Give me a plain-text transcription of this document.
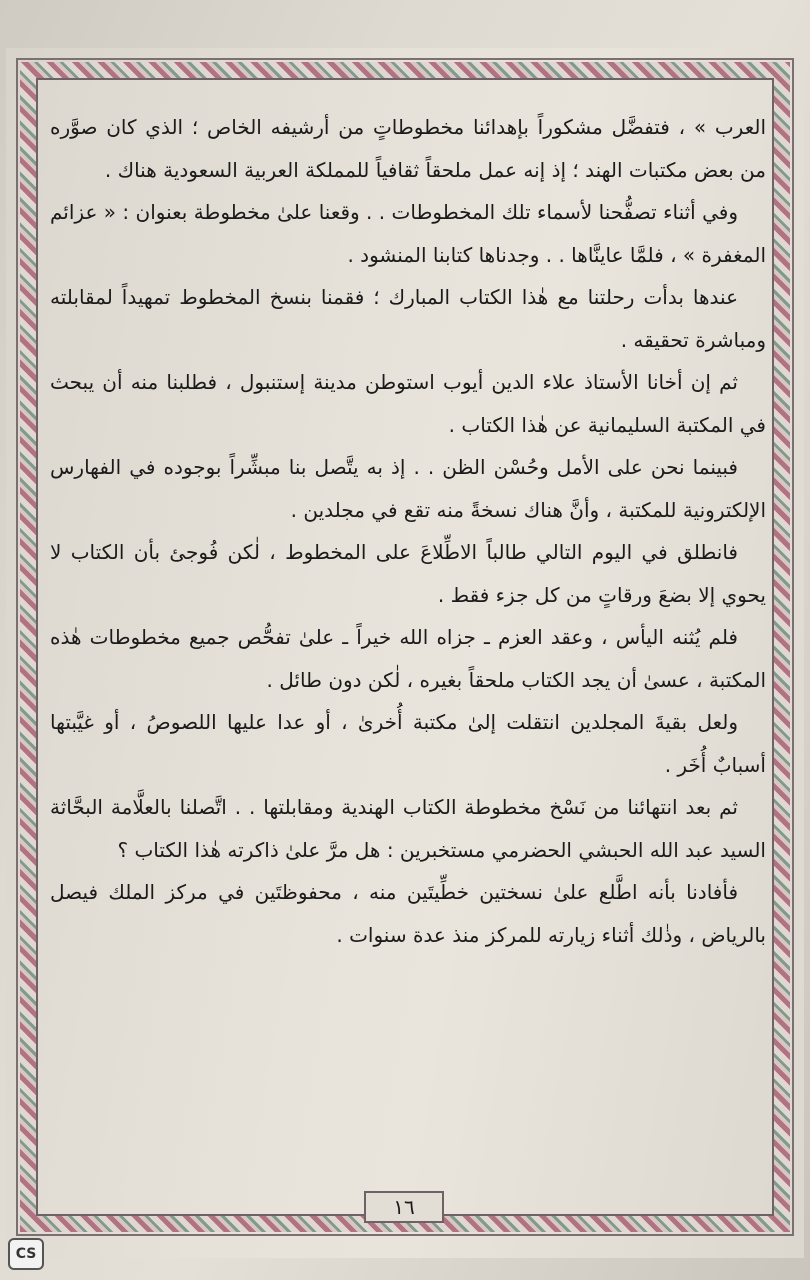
العرب » ، فتفضَّل مشكوراً بإهدائنا مخطوطاتٍ من أرشيفه الخاص ؛ الذي كان صوَّره من بعض مكتبات الهند ؛ إذ إنه عمل ملحقاً ثقافياً للمملكة العربية السعودية هناك .

وفي أثناء تصفُّحنا لأسماء تلك المخطوطات . . وقعنا علىٰ مخطوطة بعنوان : « عزائم المغفرة » ، فلمَّا عاينَّاها . . وجدناها كتابنا المنشود .

عندها بدأت رحلتنا مع هٰذا الكتاب المبارك ؛ فقمنا بنسخ المخطوط تمهيداً لمقابلته ومباشرة تحقيقه .

ثم إن أخانا الأستاذ علاء الدين أيوب استوطن مدينة إستنبول ، فطلبنا منه أن يبحث في المكتبة السليمانية عن هٰذا الكتاب .

فبينما نحن على الأمل وحُسْن الظن . . إذ به يتَّصل بنا مبشِّراً بوجوده في الفهارس الإلكترونية للمكتبة ، وأنَّ هناك نسخةً منه تقع في مجلدين .

فانطلق في اليوم التالي طالباً الاطِّلاعَ على المخطوط ، لٰكن فُوجئ بأن الكتاب لا يحوي إلا بضعَ ورقاتٍ من كل جزء فقط .

فلم يُثنه اليأس ، وعقد العزم ـ جزاه الله خيراً ـ علىٰ تفحُّص جميع مخطوطات هٰذه المكتبة ، عسىٰ أن يجد الكتاب ملحقاً بغيره ، لٰكن دون طائل .

ولعل بقيةَ المجلدين انتقلت إلىٰ مكتبة أُخرىٰ ، أو عدا عليها اللصوصُ ، أو غيَّبتها أسبابٌ أُخَر .

ثم بعد انتهائنا من نَسْخ مخطوطة الكتاب الهندية ومقابلتها . . اتَّصلنا بالعلَّامة البحَّاثة السيد عبد الله الحبشي الحضرمي مستخبرين : هل مرَّ علىٰ ذاكرته هٰذا الكتاب ؟

فأفادنا بأنه اطَّلع علىٰ نسختين خطِّيتَين منه ، محفوظتَين في مركز الملك فيصل بالرياض ، وذٰلك أثناء زيارته للمركز منذ عدة سنوات .

١٦
CS
